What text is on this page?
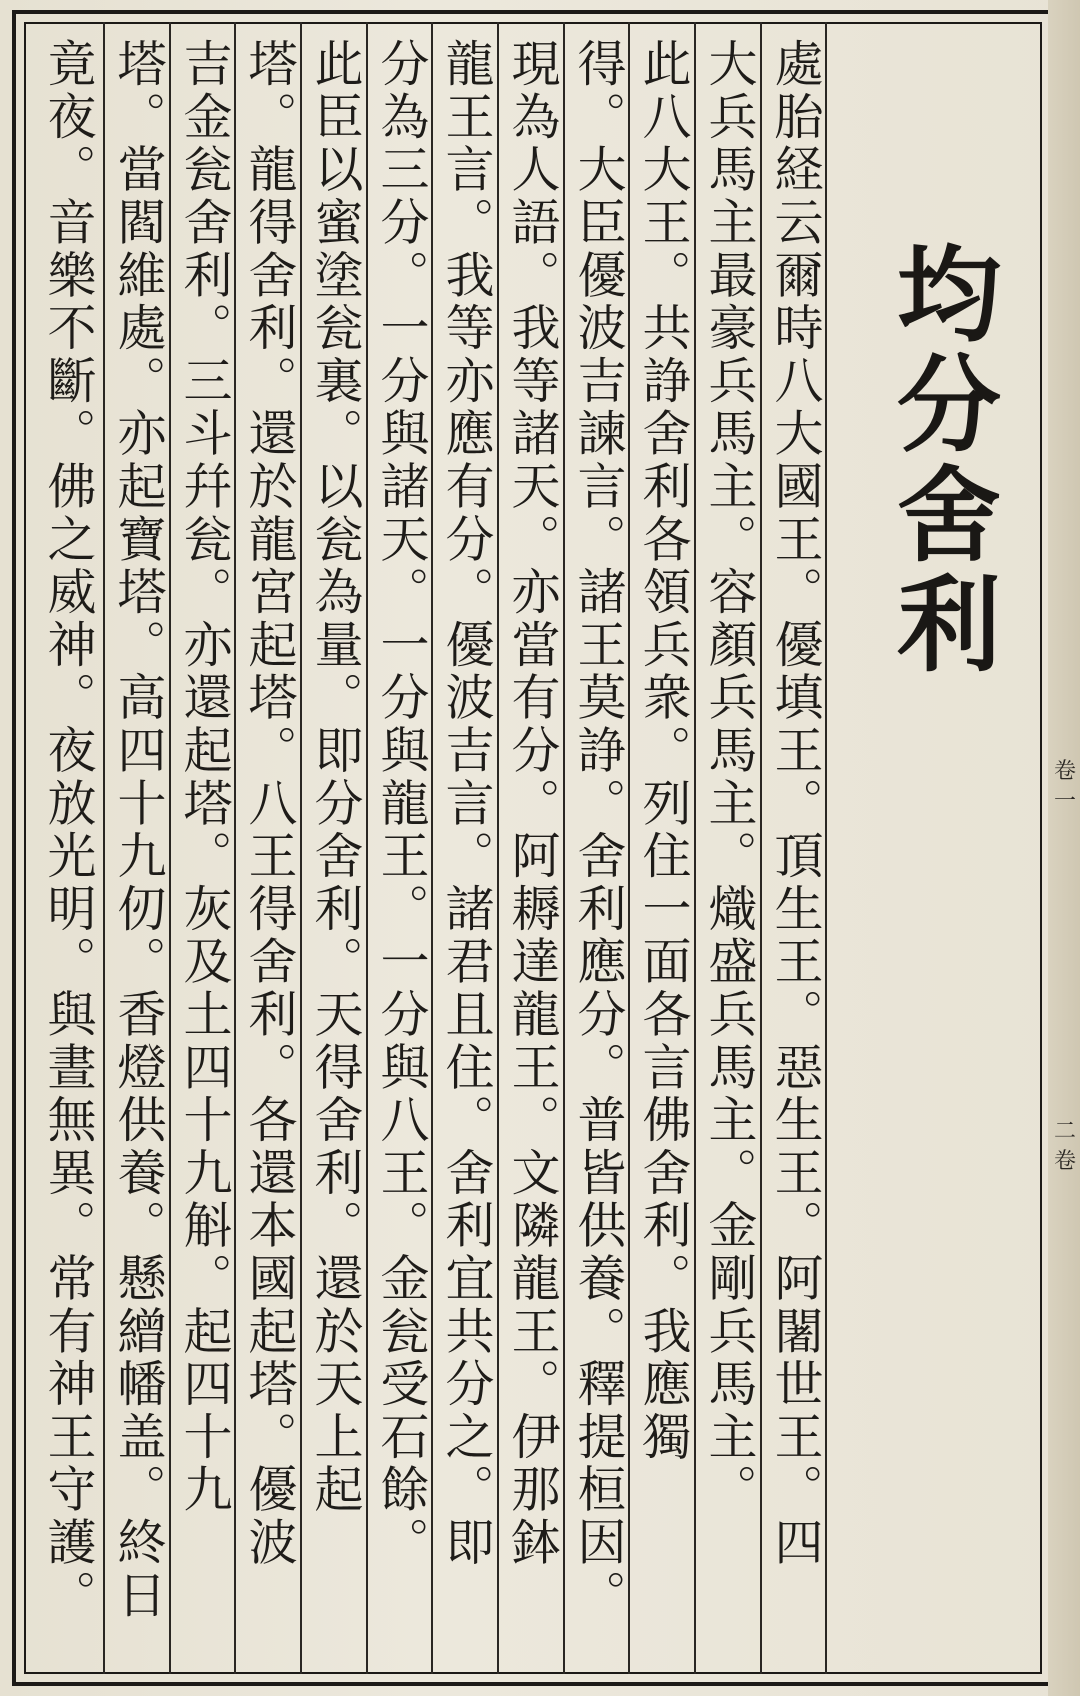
卷
一
二
卷
均分舍利
處胎経云爾時八大國王。優填王。頂生王。惡生王。阿闍世王。四
大兵馬主最豪兵馬主。容顏兵馬主。熾盛兵馬主。金剛兵馬主。
此八大王。共諍舍利各領兵衆。列住一面各言佛舍利。我應獨
得。大臣優波吉諫言。諸王莫諍。舍利應分。普皆供養。釋提桓因。
現為人語。我等諸天。亦當有分。阿耨達龍王。文隣龍王。伊那鉢
龍王言。我等亦應有分。優波吉言。諸君且住。舍利宜共分之。即
分為三分。一分與諸天。一分與龍王。一分與八王。金瓮受石餘。
此臣以蜜塗瓮裏。以瓮為量。即分舍利。天得舍利。還於天上起
塔。龍得舍利。還於龍宮起塔。八王得舍利。各還本國起塔。優波
吉金瓮舍利。三斗幷瓮。亦還起塔。灰及土四十九斛。起四十九
塔。當閻維處。亦起寶塔。高四十九仞。香燈供養。懸繒幡盖。終日
竟夜。音樂不斷。佛之威神。夜放光明。與晝無異。常有神王守護。
